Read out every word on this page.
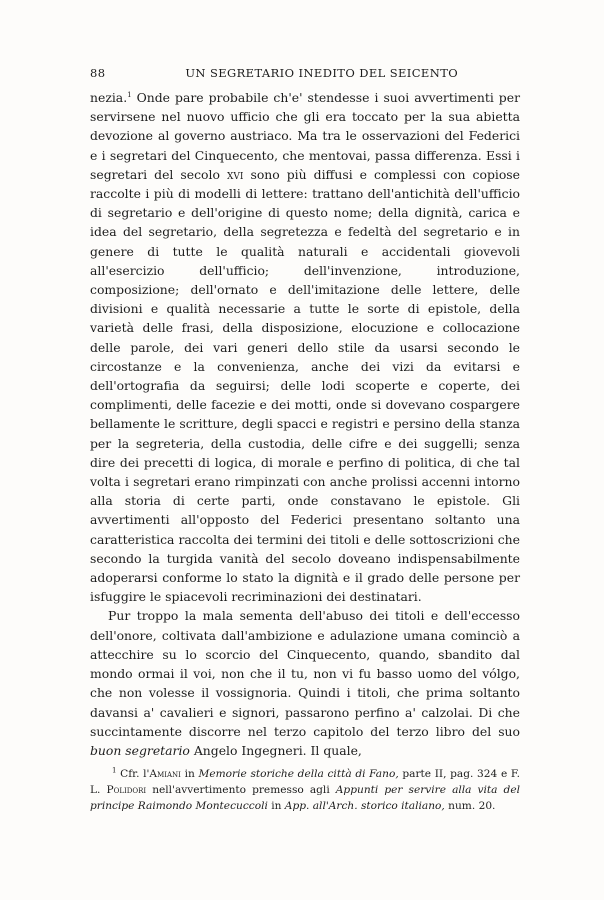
88	UN SEGRETARIO INEDITO DEL SEICENTO

nezia.$^1$ Onde pare probabile ch'e' stendesse i suoi avvertimenti per servirsene nel nuovo ufficio che gli era toccato per la sua abietta devozione al governo austriaco. Ma tra le osservazioni del Federici e i segretari del Cinquecento, che mentovai, passa differenza. Essi i segretari del secolo xvi sono più diffusi e complessi con copiose raccolte i più di modelli di lettere: trattano dell'antichità dell'ufficio di segretario e dell'origine di questo nome; della dignità, carica e idea del segretario, della segretezza e fedeltà del segretario e in genere di tutte le qualità naturali e accidentali giovevoli all'esercizio dell'ufficio; dell'invenzione, introduzione, composizione; dell'ornato e dell'imitazione delle lettere, delle divisioni e qualità necessarie a tutte le sorte di epistole, della varietà delle frasi, della disposizione, elocuzione e collocazione delle parole, dei vari generi dello stile da usarsi secondo le circostanze e la convenienza, anche dei vizi da evitarsi e dell'ortografia da seguirsi; delle lodi scoperte e coperte, dei complimenti, delle facezie e dei motti, onde si dovevano cospargere bellamente le scritture, degli spacci e registri e persino della stanza per la segreteria, della custodia, delle cifre e dei suggelli; senza dire dei precetti di logica, di morale e perfino di politica, di che tal volta i segretari erano rimpinzati con anche prolissi accenni intorno alla storia di certe parti, onde constavano le epistole. Gli avvertimenti all'opposto del Federici presentano soltanto una caratteristica raccolta dei termini dei titoli e delle sottoscrizioni che secondo la turgida vanità del secolo doveano indispensabilmente adoperarsi conforme lo stato la dignità e il grado delle persone per isfuggire le spiacevoli recriminazioni dei destinatari.

Pur troppo la mala sementa dell'abuso dei titoli e dell'eccesso dell'onore, coltivata dall'ambizione e adulazione umana cominciò a attecchire su lo scorcio del Cinquecento, quando, sbandito dal mondo ormai il voi, non che il tu, non vi fu basso uomo del vólgo, che non volesse il vossignoria. Quindi i titoli, che prima soltanto davansi a' cavalieri e signori, passarono perfino a' calzolai. Di che succintamente discorre nel terzo capitolo del terzo libro del suo buon segretario Angelo Ingegneri. Il quale,

$^1$ Cfr. l'Amiani in Memorie storiche della città di Fano, parte II, pag. 324 e F. L. Polidori nell'avvertimento premesso agli Appunti per servire alla vita del principe Raimondo Montecuccoli in App. all'Arch. storico italiano, num. 20.
